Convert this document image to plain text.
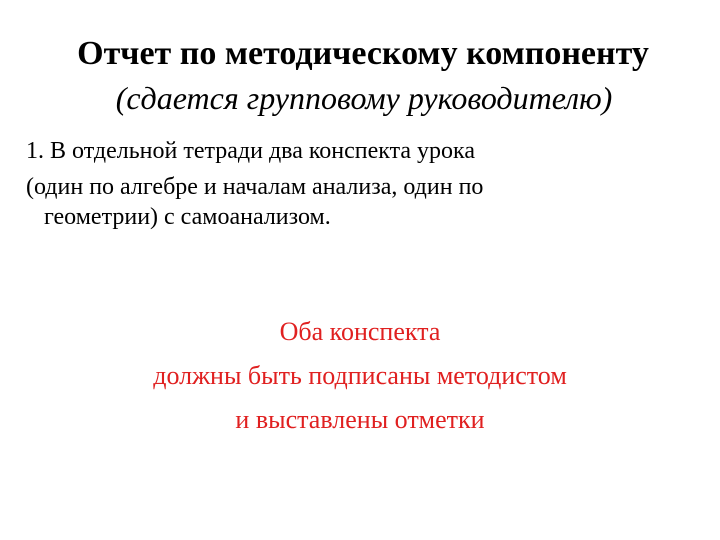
Отчет по методическому компоненту
(сдается групповому руководителю)
1. В отдельной тетради два конспекта урока
(один по алгебре и началам анализа, один по
геометрии) с самоанализом.
Оба конспекта
должны быть подписаны методистом
и выставлены отметки
